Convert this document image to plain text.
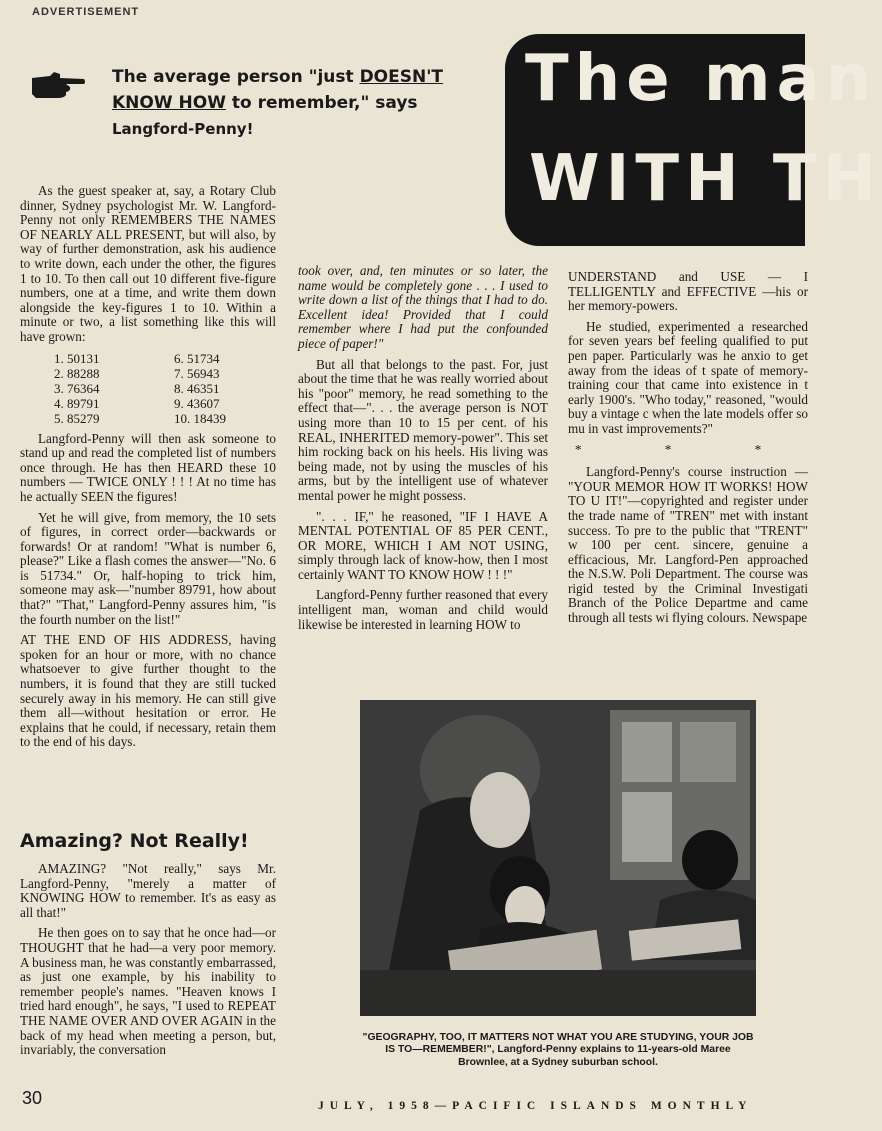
ADVERTISEMENT
The average person "just DOESN'T
KNOW HOW to remember," says
Langford-Penny!
The man
WITH TH

As the guest speaker at, say, a Rotary Club dinner, Sydney psychologist Mr. W. Langford-Penny not only REMEMBERS THE NAMES OF NEARLY ALL PRESENT, but will also, by way of further demonstration, ask his audience to write down, each under the other, the figures 1 to 10. To then call out 10 different five-figure numbers, one at a time, and write them down alongside the key-figures 1 to 10. Within a minute or two, a list something like this will have grown:

1. 50131	6. 51734
2. 88288	7. 56943
3. 76364	8. 46351
4. 89791	9. 43607
5. 85279	10. 18439

Langford-Penny will then ask someone to stand up and read the completed list of numbers once through. He has then HEARD these 10 numbers — TWICE ONLY ! ! ! At no time has he actually SEEN the figures!

Yet he will give, from memory, the 10 sets of figures, in correct order—backwards or forwards! Or at random! "What is number 6, please?" Like a flash comes the answer—"No. 6 is 51734." Or, half-hoping to trick him, someone may ask—"number 89791, how about that?" "That," Langford-Penny assures him, "is the fourth number on the list!"

AT THE END OF HIS ADDRESS, having spoken for an hour or more, with no chance whatsoever to give further thought to the numbers, it is found that they are still tucked securely away in his memory. He can still give them all—without hesitation or error. He explains that he could, if necessary, retain them to the end of his days.

Amazing? Not Really!

AMAZING? "Not really," says Mr. Langford-Penny, "merely a matter of KNOWING HOW to remember. It's as easy as all that!"

He then goes on to say that he once had—or THOUGHT that he had—a very poor memory. A business man, he was constantly embarrassed, as just one example, by his inability to remember people's names. "Heaven knows I tried hard enough", he says, "I used to REPEAT THE NAME OVER AND OVER AGAIN in the back of my head when meeting a person, but, invariably, the conversation

took over, and, ten minutes or so later, the name would be completely gone . . . I used to write down a list of the things that I had to do. Excellent idea! Provided that I could remember where I had put the confounded piece of paper!"

But all that belongs to the past. For, just about the time that he was really worried about his "poor" memory, he read something to the effect that—". . . the average person is NOT using more than 10 to 15 per cent. of his REAL, INHERITED memory-power". This set him rocking back on his heels. His living was being made, not by using the muscles of his arms, but by the intelligent use of whatever mental power he might possess.

". . . IF," he reasoned, "IF I HAVE A MENTAL POTENTIAL OF 85 PER CENT., OR MORE, WHICH I AM NOT USING, simply through lack of know-how, then I most certainly WANT TO KNOW HOW ! ! !"

Langford-Penny further reasoned that every intelligent man, woman and child would likewise be interested in learning HOW to

UNDERSTAND and USE — I TELLIGENTLY and EFFECTIVE —his or her memory-powers.

He studied, experimented a researched for seven years bef feeling qualified to put pen paper. Particularly was he anxio to get away from the ideas of t spate of memory-training cour that came into existence in t early 1900's. "Who today," reasoned, "would buy a vintage c when the late models offer so mu in vast improvements?"

* * *

Langford-Penny's course instruction — "YOUR MEMOR HOW IT WORKS! HOW TO U IT!"—copyrighted and register under the trade name of "TREN" met with instant success. To pre to the public that "TRENT" w 100 per cent. sincere, genuine a efficacious, Mr. Langford-Pen approached the N.S.W. Poli Department. The course was rigid tested by the Criminal Investigati Branch of the Police Departme and came through all tests wi flying colours. Newspape

"GEOGRAPHY, TOO, IT MATTERS NOT WHAT YOU ARE STUDYING, YOUR JOB IS TO—REMEMBER!", Langford-Penny explains to 11-years-old Maree Brownlee, at a Sydney suburban school.
30	JULY, 1958—PACIFIC ISLANDS MONTHLY
